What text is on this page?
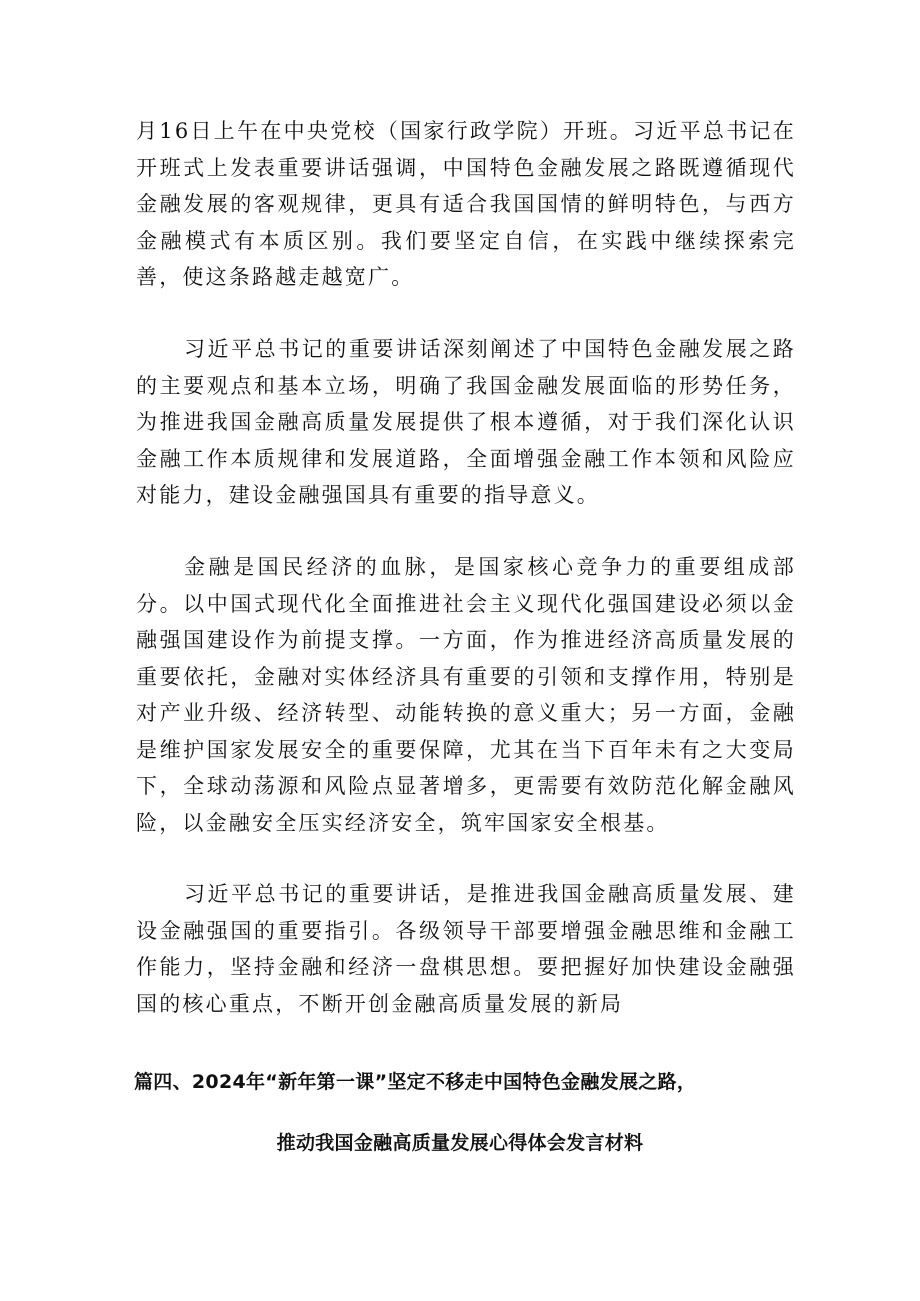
月16日上午在中央党校（国家行政学院）开班。习近平总书记在开班式上发表重要讲话强调，中国特色金融发展之路既遵循现代金融发展的客观规律，更具有适合我国国情的鲜明特色，与西方金融模式有本质区别。我们要坚定自信，在实践中继续探索完善，使这条路越走越宽广。

习近平总书记的重要讲话深刻阐述了中国特色金融发展之路的主要观点和基本立场，明确了我国金融发展面临的形势任务，为推进我国金融高质量发展提供了根本遵循，对于我们深化认识金融工作本质规律和发展道路，全面增强金融工作本领和风险应对能力，建设金融强国具有重要的指导意义。

金融是国民经济的血脉，是国家核心竞争力的重要组成部分。以中国式现代化全面推进社会主义现代化强国建设必须以金融强国建设作为前提支撑。一方面，作为推进经济高质量发展的重要依托，金融对实体经济具有重要的引领和支撑作用，特别是对产业升级、经济转型、动能转换的意义重大；另一方面，金融是维护国家发展安全的重要保障，尤其在当下百年未有之大变局下，全球动荡源和风险点显著增多，更需要有效防范化解金融风险，以金融安全压实经济安全，筑牢国家安全根基。

习近平总书记的重要讲话，是推进我国金融高质量发展、建设金融强国的重要指引。各级领导干部要增强金融思维和金融工作能力，坚持金融和经济一盘棋思想。要把握好加快建设金融强国的核心重点，不断开创金融高质量发展的新局

篇四、2024年“新年第一课”坚定不移走中国特色金融发展之路，
推动我国金融高质量发展心得体会发言材料
